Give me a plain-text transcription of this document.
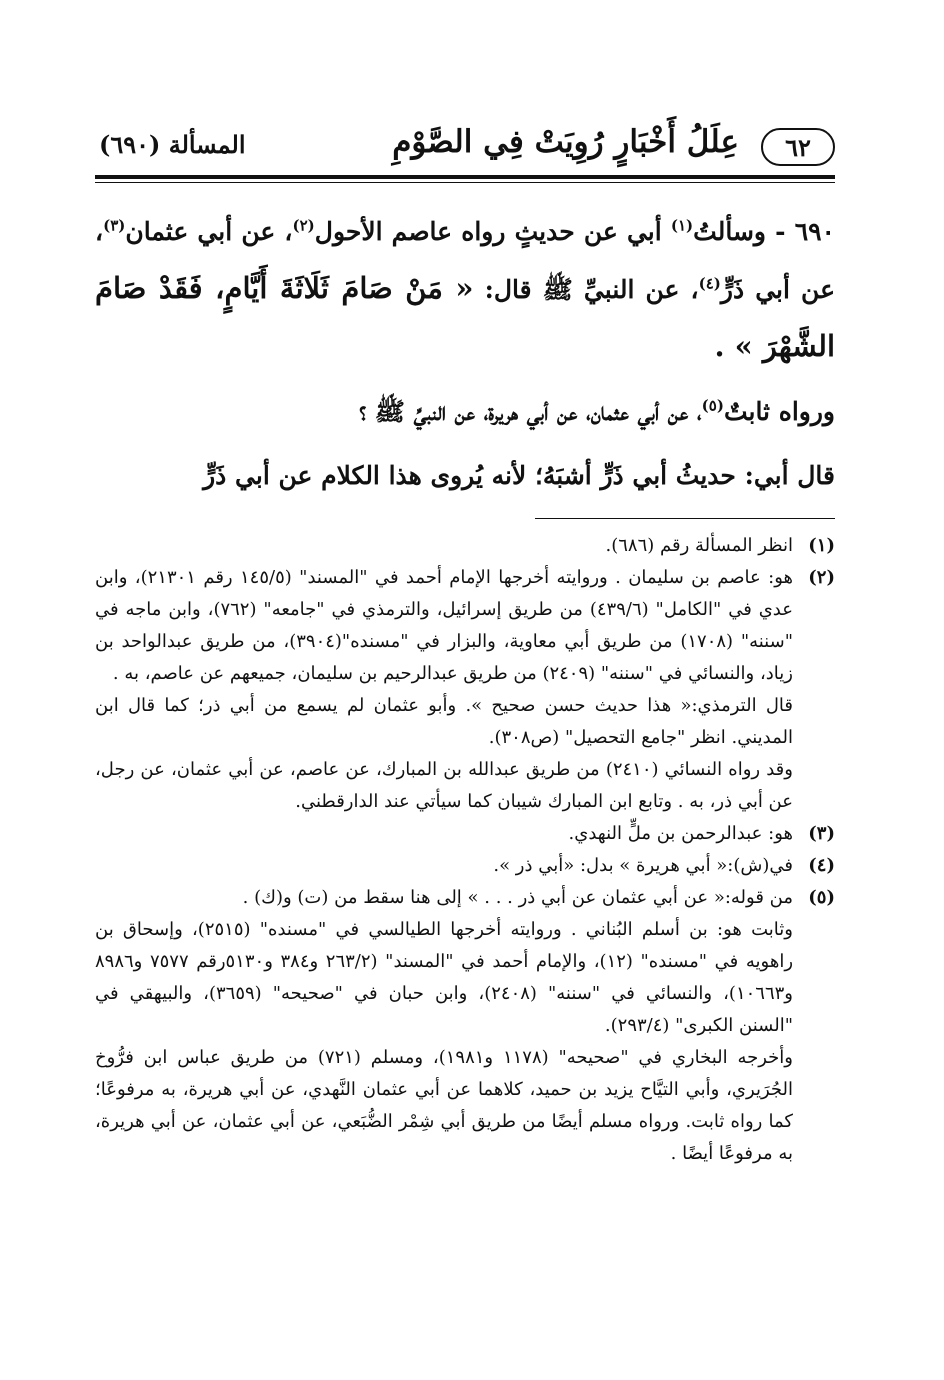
٦٢
عِلَلُ أَخْبَارٍ رُوِيَتْ فِي الصَّوْمِ
المسألة (٦٩٠)

٦٩٠ - وسألتُ$^{(١)}$ أبي عن حديثٍ رواه عاصم الأحول$^{(٢)}$، عن أبي عثمان$^{(٣)}$، عن أبي ذَرٍّ$^{(٤)}$، عن النبيِّ ﷺ قال: « مَنْ صَامَ ثَلَاثَةَ أَيَّامٍ، فَقَدْ صَامَ الشَّهْرَ » .

ورواه ثابتٌ$^{(٥)}$، عن أبي عثمان، عن أبي هريرة، عن النبيِّ ﷺ ؟

قال أبي: حديثُ أبي ذَرٍّ أشبَهُ؛ لأنه يُروى هذا الكلام عن أبي ذَرٍّ

(١)

انظر المسألة رقم (٦٨٦).

(٢)

هو: عاصم بن سليمان . وروايته أخرجها الإمام أحمد في "المسند" (١٤٥/٥ رقم ٢١٣٠١)، وابن عدي في "الكامل" (٤٣٩/٦) من طريق إسرائيل، والترمذي في "جامعه" (٧٦٢)، وابن ماجه في "سننه" (١٧٠٨) من طريق أبي معاوية، والبزار في "مسنده"(٣٩٠٤)، من طريق عبدالواحد بن زياد، والنسائي في "سننه" (٢٤٠٩) من طريق عبدالرحيم بن سليمان، جميعهم عن عاصم، به .

قال الترمذي:« هذا حديث حسن صحيح ». وأبو عثمان لم يسمع من أبي ذر؛ كما قال ابن المديني. انظر "جامع التحصيل" (ص٣٠٨).

وقد رواه النسائي (٢٤١٠) من طريق عبدالله بن المبارك، عن عاصم، عن أبي عثمان، عن رجل، عن أبي ذر، به . وتابع ابن المبارك شيبان كما سيأتي عند الدارقطني.

(٣)

هو: عبدالرحمن بن ملٍّ النهدي.

(٤)

في(ش):« أبي هريرة » بدل: «أبي ذر ».

(٥)

من قوله:« عن أبي عثمان عن أبي ذر . . . » إلى هنا سقط من (ت) و(ك) .

وثابت هو: بن أسلم البُناني . وروايته أخرجها الطيالسي في "مسنده" (٢٥١٥)، وإسحاق بن راهويه في "مسنده" (١٢)، والإمام أحمد في "المسند" (٢٦٣/٢ و٣٨٤ و٥١٣٠رقم ٧٥٧٧ و٨٩٨٦ و١٠٦٦٣)، والنسائي في "سننه" (٢٤٠٨)، وابن حبان في "صحيحه" (٣٦٥٩)، والبيهقي في "السنن الكبرى" (٢٩٣/٤).

وأخرجه البخاري في "صحيحه" (١١٧٨ و١٩٨١)، ومسلم (٧٢١) من طريق عباس ابن فرُّوخ الجُرَيري، وأبي التيَّاح يزيد بن حميد، كلاهما عن أبي عثمان النَّهدي، عن أبي هريرة، به مرفوعًا؛ كما رواه ثابت. ورواه مسلم أيضًا من طريق أبي شِمْر الضُّبَعي، عن أبي عثمان، عن أبي هريرة، به مرفوعًا أيضًا .
